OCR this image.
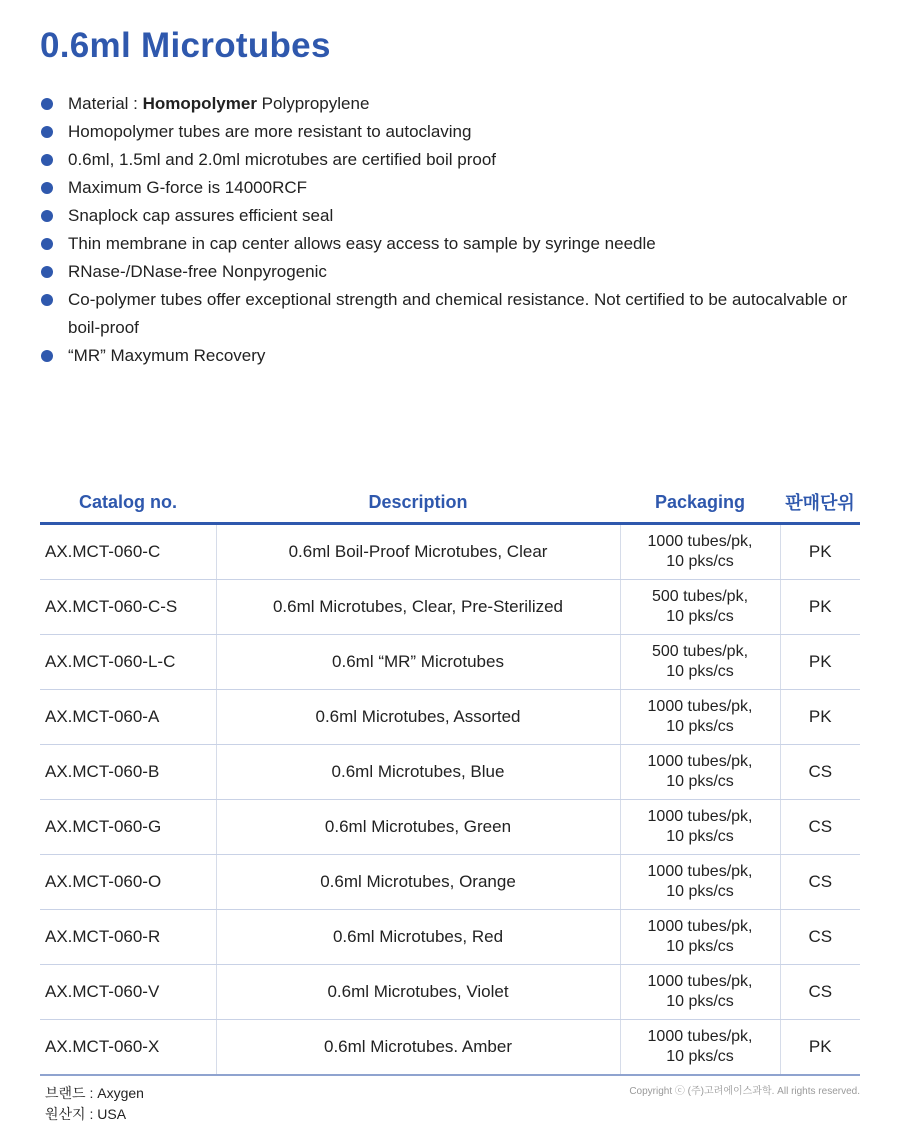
0.6ml Microtubes
Material : Homopolymer Polypropylene
Homopolymer tubes are more resistant to autoclaving
0.6ml, 1.5ml and 2.0ml microtubes are certified boil proof
Maximum G-force is 14000RCF
Snaplock cap assures efficient seal
Thin membrane in cap center allows easy access to sample by syringe needle
RNase-/DNase-free Nonpyrogenic
Co-polymer tubes offer exceptional strength and chemical resistance. Not certified to be autocalvable or boil-proof
“MR” Maxymum Recovery
Catalog no.	Description	Packaging	판매단위
AX.MCT-060-C	0.6ml Boil-Proof Microtubes, Clear	1000 tubes/pk,
10 pks/cs	PK
AX.MCT-060-C-S	0.6ml Microtubes, Clear, Pre-Sterilized	500 tubes/pk,
10 pks/cs	PK
AX.MCT-060-L-C	0.6ml “MR” Microtubes	500 tubes/pk,
10 pks/cs	PK
AX.MCT-060-A	0.6ml Microtubes, Assorted	1000 tubes/pk,
10 pks/cs	PK
AX.MCT-060-B	0.6ml Microtubes, Blue	1000 tubes/pk,
10 pks/cs	CS
AX.MCT-060-G	0.6ml Microtubes, Green	1000 tubes/pk,
10 pks/cs	CS
AX.MCT-060-O	0.6ml Microtubes, Orange	1000 tubes/pk,
10 pks/cs	CS
AX.MCT-060-R	0.6ml Microtubes, Red	1000 tubes/pk,
10 pks/cs	CS
AX.MCT-060-V	0.6ml Microtubes, Violet	1000 tubes/pk,
10 pks/cs	CS
AX.MCT-060-X	0.6ml Microtubes. Amber	1000 tubes/pk,
10 pks/cs	PK
브랜드 : Axygen
원산지 : USA
Copyright ⓒ (주)고려에이스과학. All rights reserved.
